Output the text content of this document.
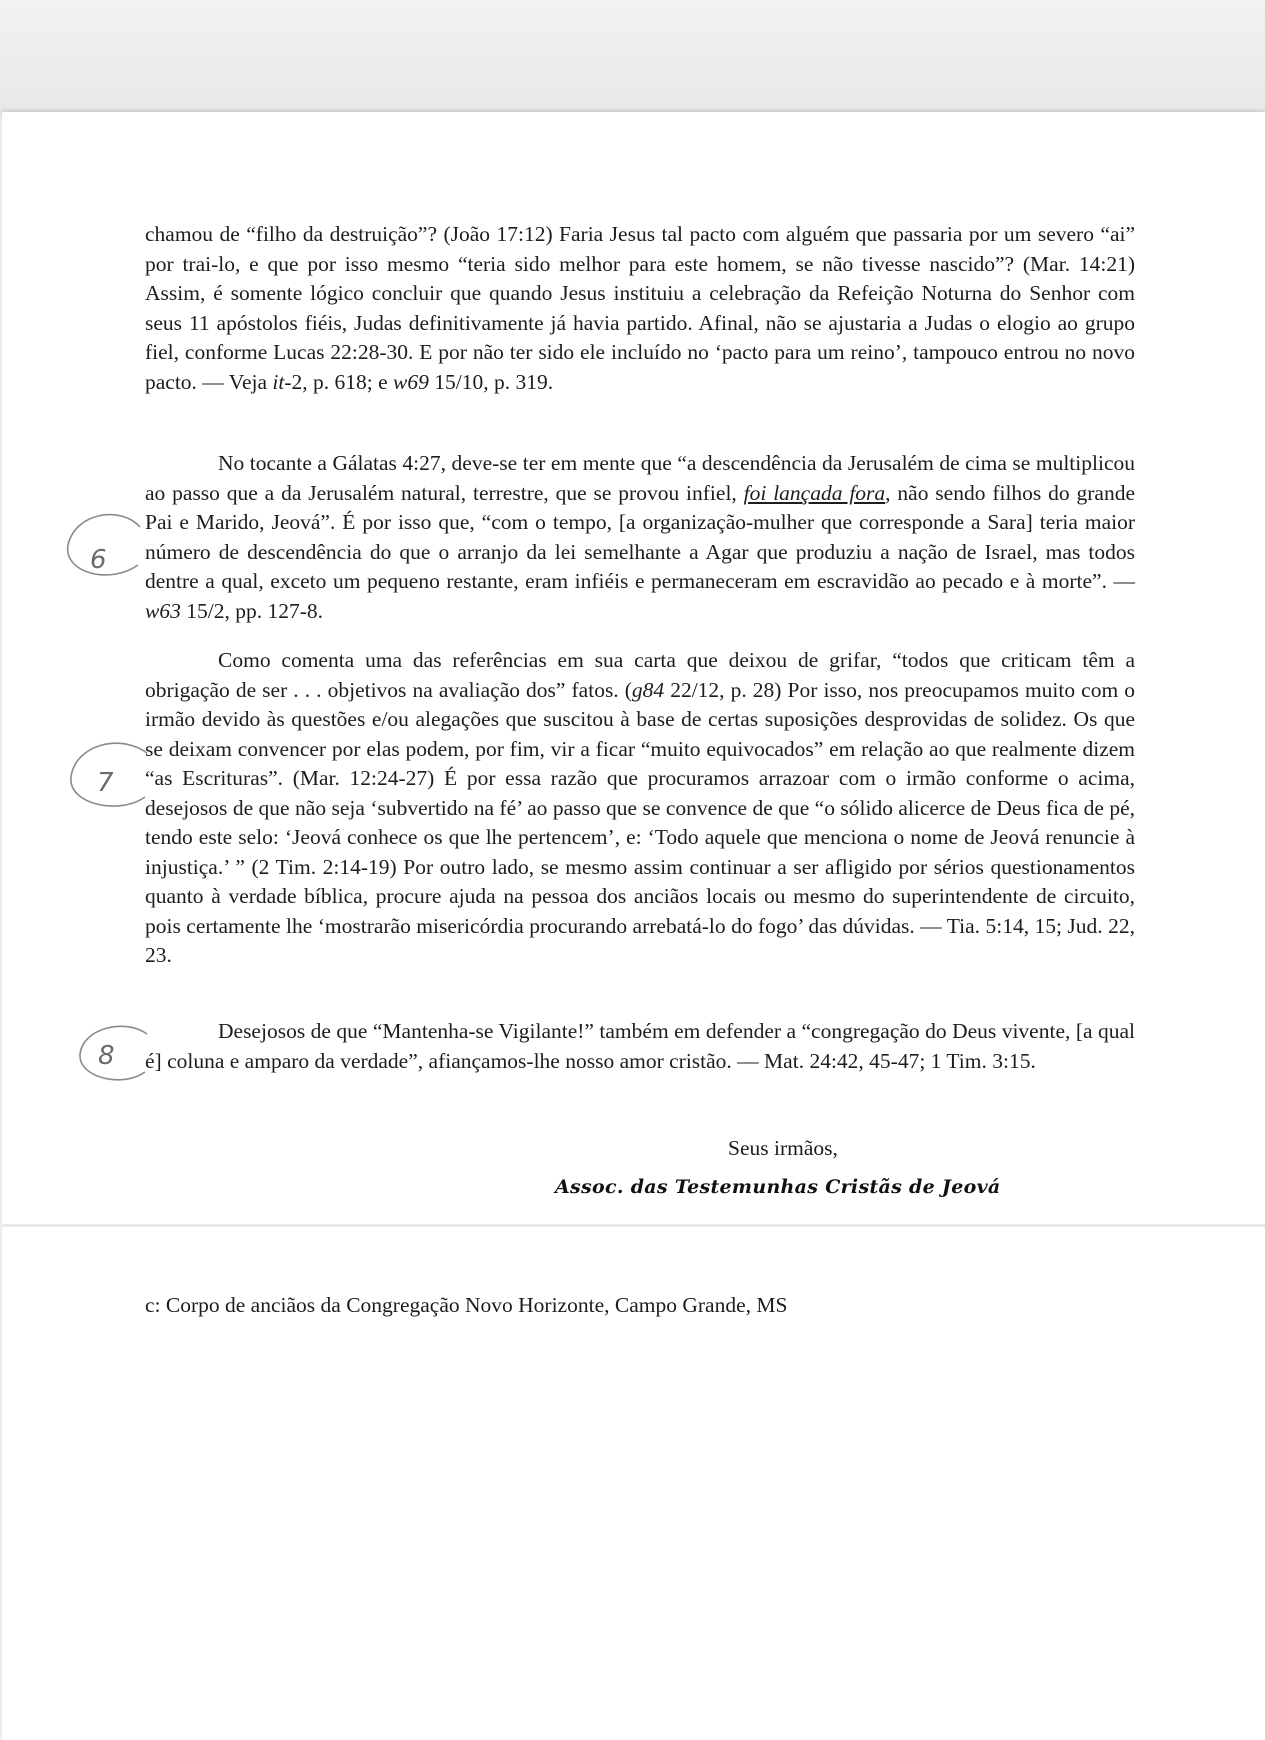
chamou de “filho da destruição”? (João 17:12) Faria Jesus tal pacto com alguém que passaria por um severo “ai” por trai-lo, e que por isso mesmo “teria sido melhor para este homem, se não tivesse nascido”? (Mar. 14:21) Assim, é somente lógico concluir que quando Jesus instituiu a celebração da Refeição Noturna do Senhor com seus 11 apóstolos fiéis, Judas definitivamente já havia partido. Afinal, não se ajustaria a Judas o elogio ao grupo fiel, conforme Lucas 22:28-30. E por não ter sido ele incluído no ‘pacto para um reino’, tampouco entrou no novo pacto. — Veja it-2, p. 618; e w69 15/10, p. 319.
No tocante a Gálatas 4:27, deve-se ter em mente que “a descendência da Jerusalém de cima se multiplicou ao passo que a da Jerusalém natural, terrestre, que se provou infiel, foi lançada fora, não sendo filhos do grande Pai e Marido, Jeová”. É por isso que, “com o tempo, [a organização-mulher que corresponde a Sara] teria maior número de descendência do que o arranjo da lei semelhante a Agar que produziu a nação de Israel, mas todos dentre a qual, exceto um pequeno restante, eram infiéis e permaneceram em escravidão ao pecado e à morte”. — w63 15/2, pp. 127-8.
Como comenta uma das referências em sua carta que deixou de grifar, “todos que criticam têm a obrigação de ser . . . objetivos na avaliação dos” fatos. (g84 22/12, p. 28) Por isso, nos preocupamos muito com o irmão devido às questões e/ou alegações que suscitou à base de certas suposições desprovidas de solidez. Os que se deixam convencer por elas podem, por fim, vir a ficar “muito equivocados” em relação ao que realmente dizem “as Escrituras”. (Mar. 12:24-27) É por essa razão que procuramos arrazoar com o irmão conforme o acima, desejosos de que não seja ‘subvertido na fé’ ao passo que se convence de que “o sólido alicerce de Deus fica de pé, tendo este selo: ‘Jeová conhece os que lhe pertencem’, e: ‘Todo aquele que menciona o nome de Jeová renuncie à injustiça.’ ” (2 Tim. 2:14-19) Por outro lado, se mesmo assim continuar a ser afligido por sérios questionamentos quanto à verdade bíblica, procure ajuda na pessoa dos anciãos locais ou mesmo do superintendente de circuito, pois certamente lhe ‘mostrarão misericórdia procurando arrebatá-lo do fogo’ das dúvidas. — Tia. 5:14, 15; Jud. 22, 23.
Desejosos de que “Mantenha-se Vigilante!” também em defender a “congregação do Deus vivente, [a qual é] coluna e amparo da verdade”, afiançamos-lhe nosso amor cristão. — Mat. 24:42, 45-47; 1 Tim. 3:15.
Seus irmãos,
Assoc. das Testemunhas Cristãs de Jeová
c: Corpo de anciãos da Congregação Novo Horizonte, Campo Grande, MS
6
7
8
